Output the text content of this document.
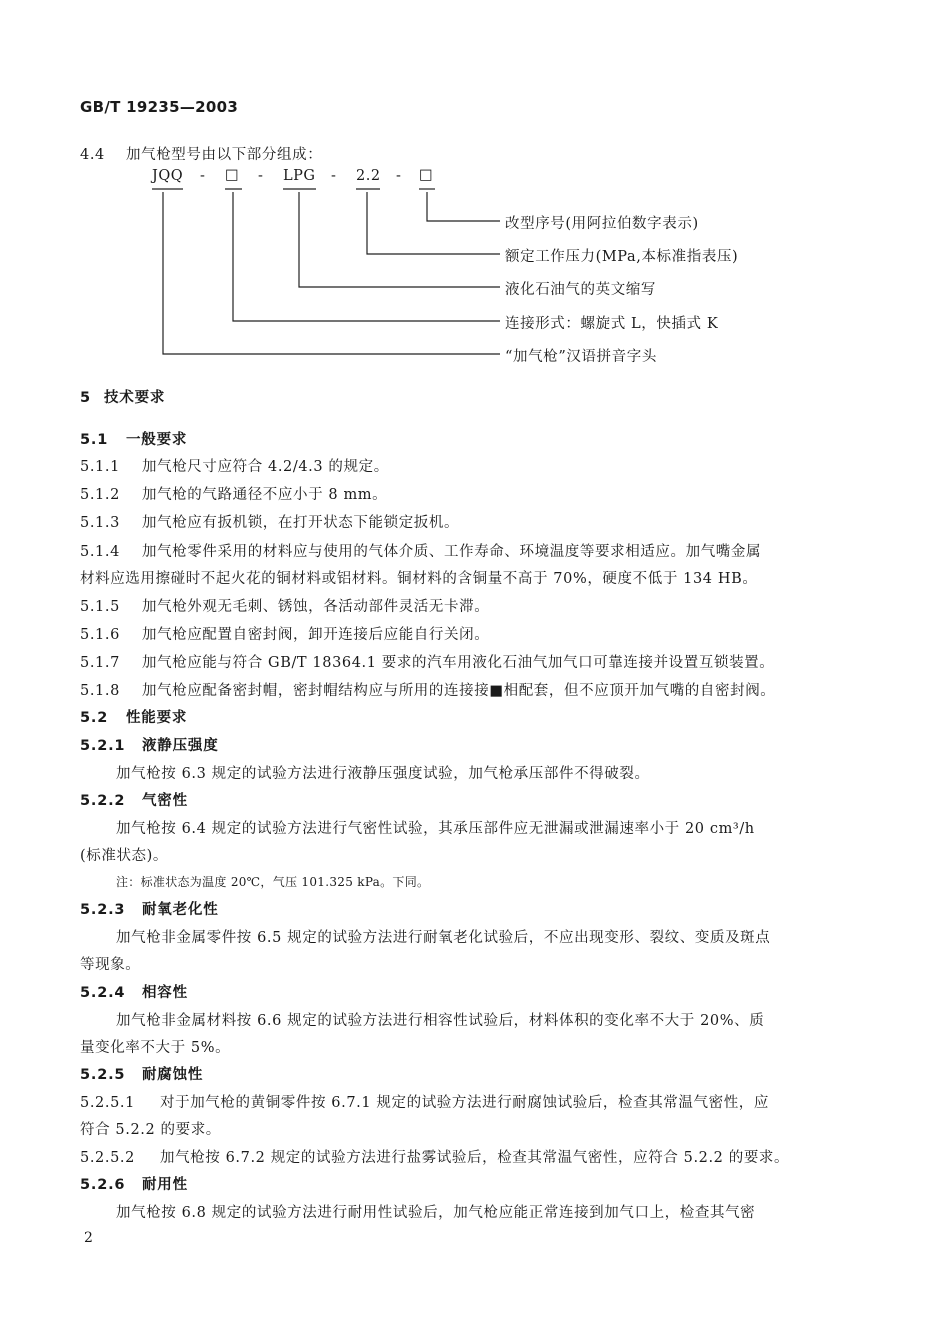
GB/T 19235—2003
4.4 加气枪型号由以下部分组成：
JQQ - □ - LPG - 2.2 - □
改型序号(用阿拉伯数字表示)
额定工作压力(MPa,本标准指表压)
液化石油气的英文缩写
连接形式：螺旋式 L，快插式 K
“加气枪”汉语拼音字头
5 技术要求
5.1 一般要求
5.1.1 加气枪尺寸应符合 4.2/4.3 的规定。
5.1.2 加气枪的气路通径不应小于 8 mm。
5.1.3 加气枪应有扳机锁，在打开状态下能锁定扳机。
5.1.4 加气枪零件采用的材料应与使用的气体介质、工作寿命、环境温度等要求相适应。加气嘴金属
材料应选用擦碰时不起火花的铜材料或铝材料。铜材料的含铜量不高于 70%，硬度不低于 134 HB。
5.1.5 加气枪外观无毛刺、锈蚀，各活动部件灵活无卡滞。
5.1.6 加气枪应配置自密封阀，卸开连接后应能自行关闭。
5.1.7 加气枪应能与符合 GB/T 18364.1 要求的汽车用液化石油气加气口可靠连接并设置互锁装置。
5.1.8 加气枪应配备密封帽，密封帽结构应与所用的连接接■相配套，但不应顶开加气嘴的自密封阀。
5.2 性能要求
5.2.1 液静压强度
加气枪按 6.3 规定的试验方法进行液静压强度试验，加气枪承压部件不得破裂。
5.2.2 气密性
加气枪按 6.4 规定的试验方法进行气密性试验，其承压部件应无泄漏或泄漏速率小于 20 cm³/h
(标准状态)。
注：标准状态为温度 20℃，气压 101.325 kPa。下同。
5.2.3 耐氧老化性
加气枪非金属零件按 6.5 规定的试验方法进行耐氧老化试验后，不应出现变形、裂纹、变质及斑点
等现象。
5.2.4 相容性
加气枪非金属材料按 6.6 规定的试验方法进行相容性试验后，材料体积的变化率不大于 20%、质
量变化率不大于 5%。
5.2.5 耐腐蚀性
5.2.5.1 对于加气枪的黄铜零件按 6.7.1 规定的试验方法进行耐腐蚀试验后，检查其常温气密性，应
符合 5.2.2 的要求。
5.2.5.2 加气枪按 6.7.2 规定的试验方法进行盐雾试验后，检查其常温气密性，应符合 5.2.2 的要求。
5.2.6 耐用性
加气枪按 6.8 规定的试验方法进行耐用性试验后，加气枪应能正常连接到加气口上，检查其气密
2
